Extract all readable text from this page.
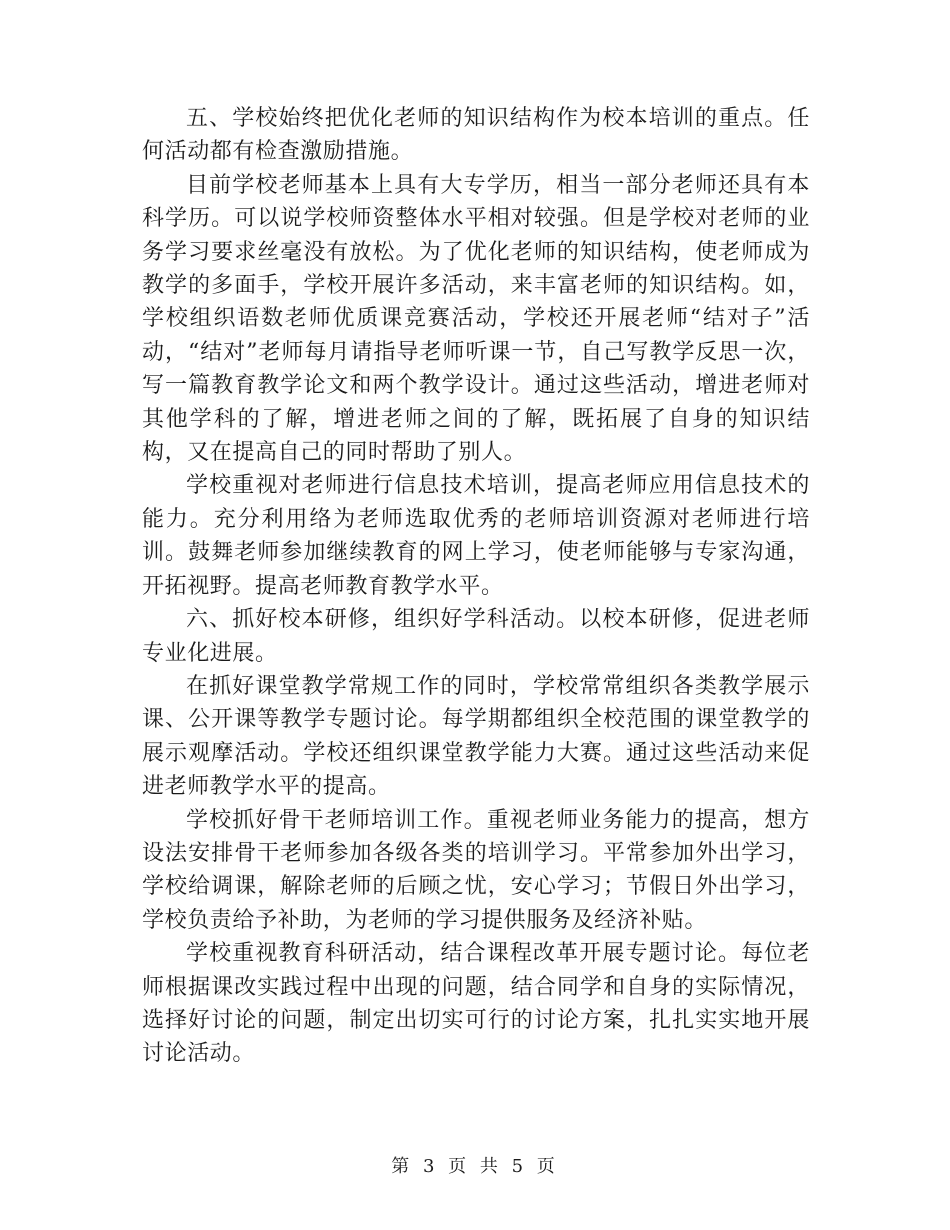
五、学校始终把优化老师的知识结构作为校本培训的重点。任何活动都有检查激励措施。

目前学校老师基本上具有大专学历，相当一部分老师还具有本科学历。可以说学校师资整体水平相对较强。但是学校对老师的业务学习要求丝毫没有放松。为了优化老师的知识结构，使老师成为教学的多面手，学校开展许多活动，来丰富老师的知识结构。如，学校组织语数老师优质课竞赛活动，学校还开展老师“结对子”活动，“结对”老师每月请指导老师听课一节，自己写教学反思一次，写一篇教育教学论文和两个教学设计。通过这些活动，增进老师对其他学科的了解，增进老师之间的了解，既拓展了自身的知识结构，又在提高自己的同时帮助了别人。

学校重视对老师进行信息技术培训，提高老师应用信息技术的能力。充分利用络为老师选取优秀的老师培训资源对老师进行培训。鼓舞老师参加继续教育的网上学习，使老师能够与专家沟通，开拓视野。提高老师教育教学水平。

六、抓好校本研修，组织好学科活动。以校本研修，促进老师专业化进展。

在抓好课堂教学常规工作的同时，学校常常组织各类教学展示课、公开课等教学专题讨论。每学期都组织全校范围的课堂教学的展示观摩活动。学校还组织课堂教学能力大赛。通过这些活动来促进老师教学水平的提高。

学校抓好骨干老师培训工作。重视老师业务能力的提高，想方设法安排骨干老师参加各级各类的培训学习。平常参加外出学习，学校给调课，解除老师的后顾之忧，安心学习；节假日外出学习，学校负责给予补助，为老师的学习提供服务及经济补贴。

学校重视教育科研活动，结合课程改革开展专题讨论。每位老师根据课改实践过程中出现的问题，结合同学和自身的实际情况，选择好讨论的问题，制定出切实可行的讨论方案，扎扎实实地开展讨论活动。

第 3 页 共 5 页
